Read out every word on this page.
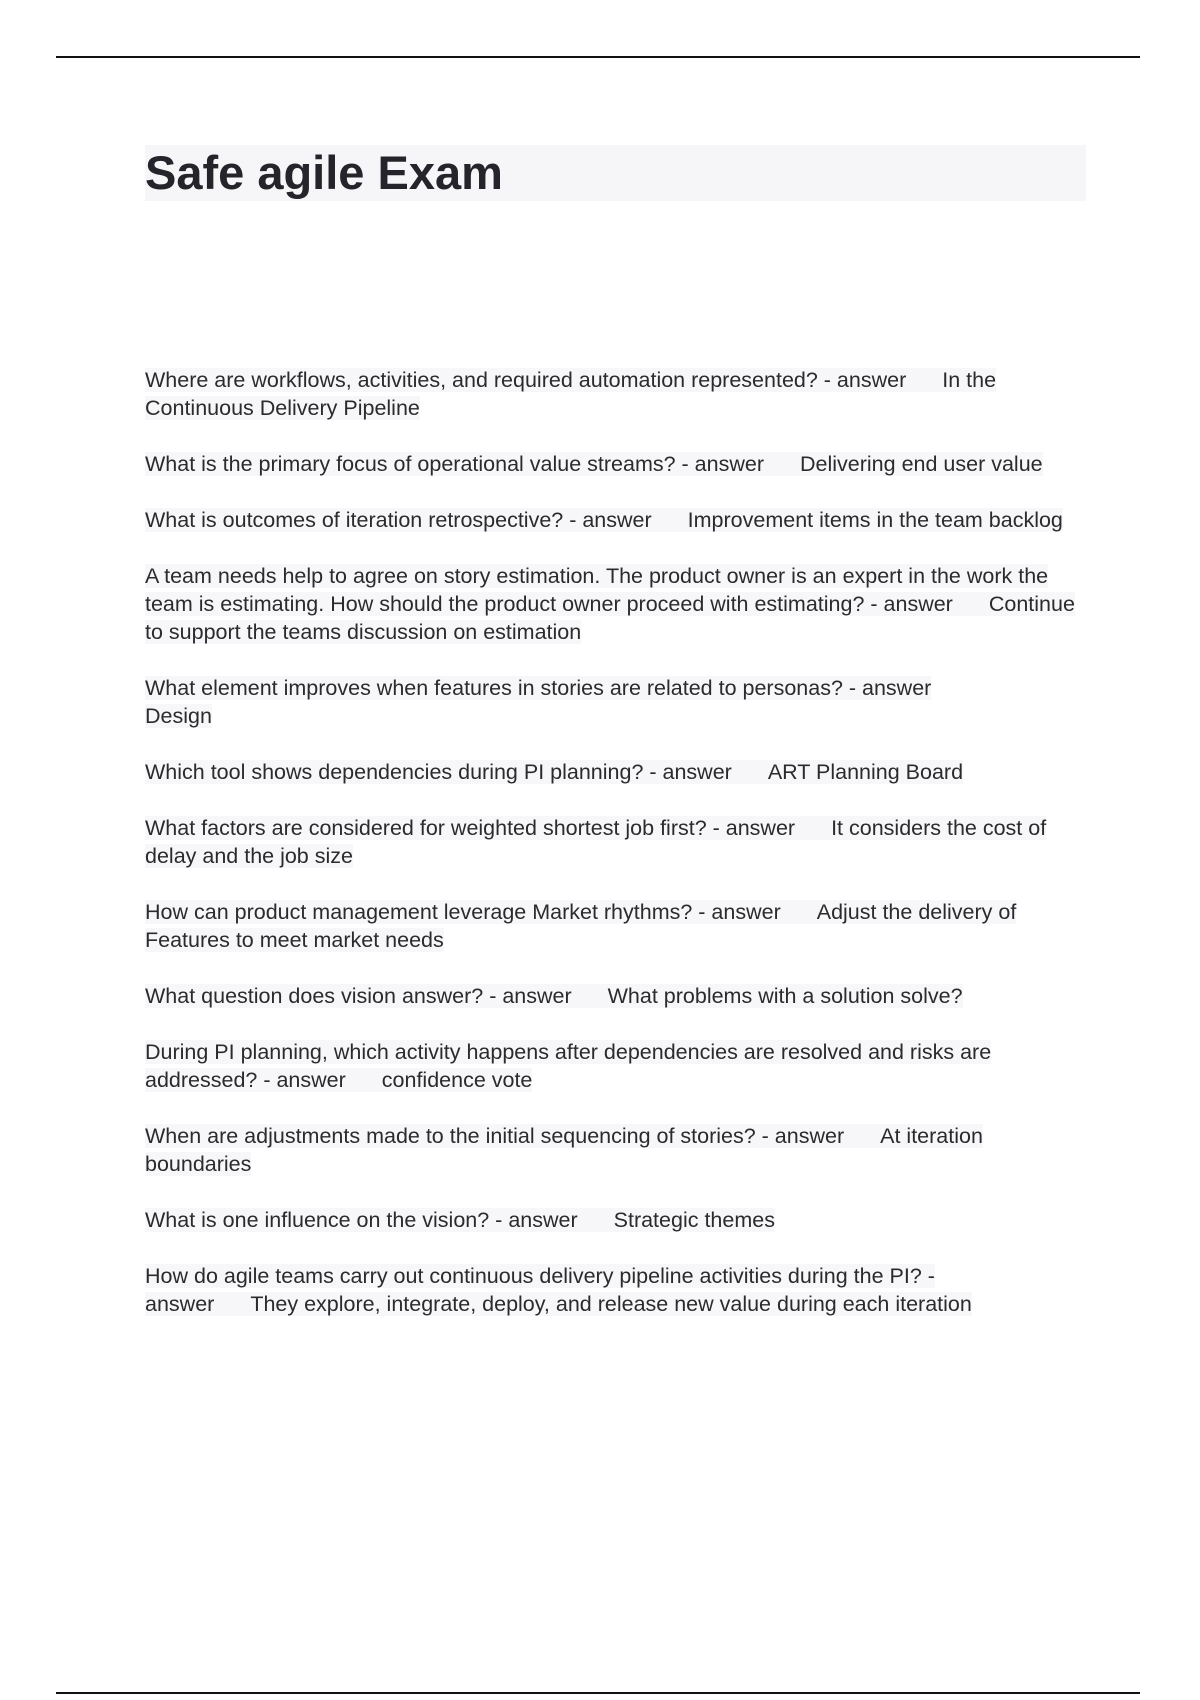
Safe agile Exam

Where are workflows, activities, and required automation represented? - answer In the Continuous Delivery Pipeline

What is the primary focus of operational value streams? - answer Delivering end user value

What is outcomes of iteration retrospective? - answer Improvement items in the team backlog

A team needs help to agree on story estimation. The product owner is an expert in the work the team is estimating. How should the product owner proceed with estimating? - answer Continue to support the teams discussion on estimation

What element improves when features in stories are related to personas? - answer
Design

Which tool shows dependencies during PI planning? - answer ART Planning Board

What factors are considered for weighted shortest job first? - answer It considers the cost of delay and the job size

How can product management leverage Market rhythms? - answer Adjust the delivery of Features to meet market needs

What question does vision answer? - answer What problems with a solution solve?

During PI planning, which activity happens after dependencies are resolved and risks are addressed? - answer confidence vote

When are adjustments made to the initial sequencing of stories? - answer At iteration boundaries

What is one influence on the vision? - answer Strategic themes

How do agile teams carry out continuous delivery pipeline activities during the PI? - answer They explore, integrate, deploy, and release new value during each iteration
